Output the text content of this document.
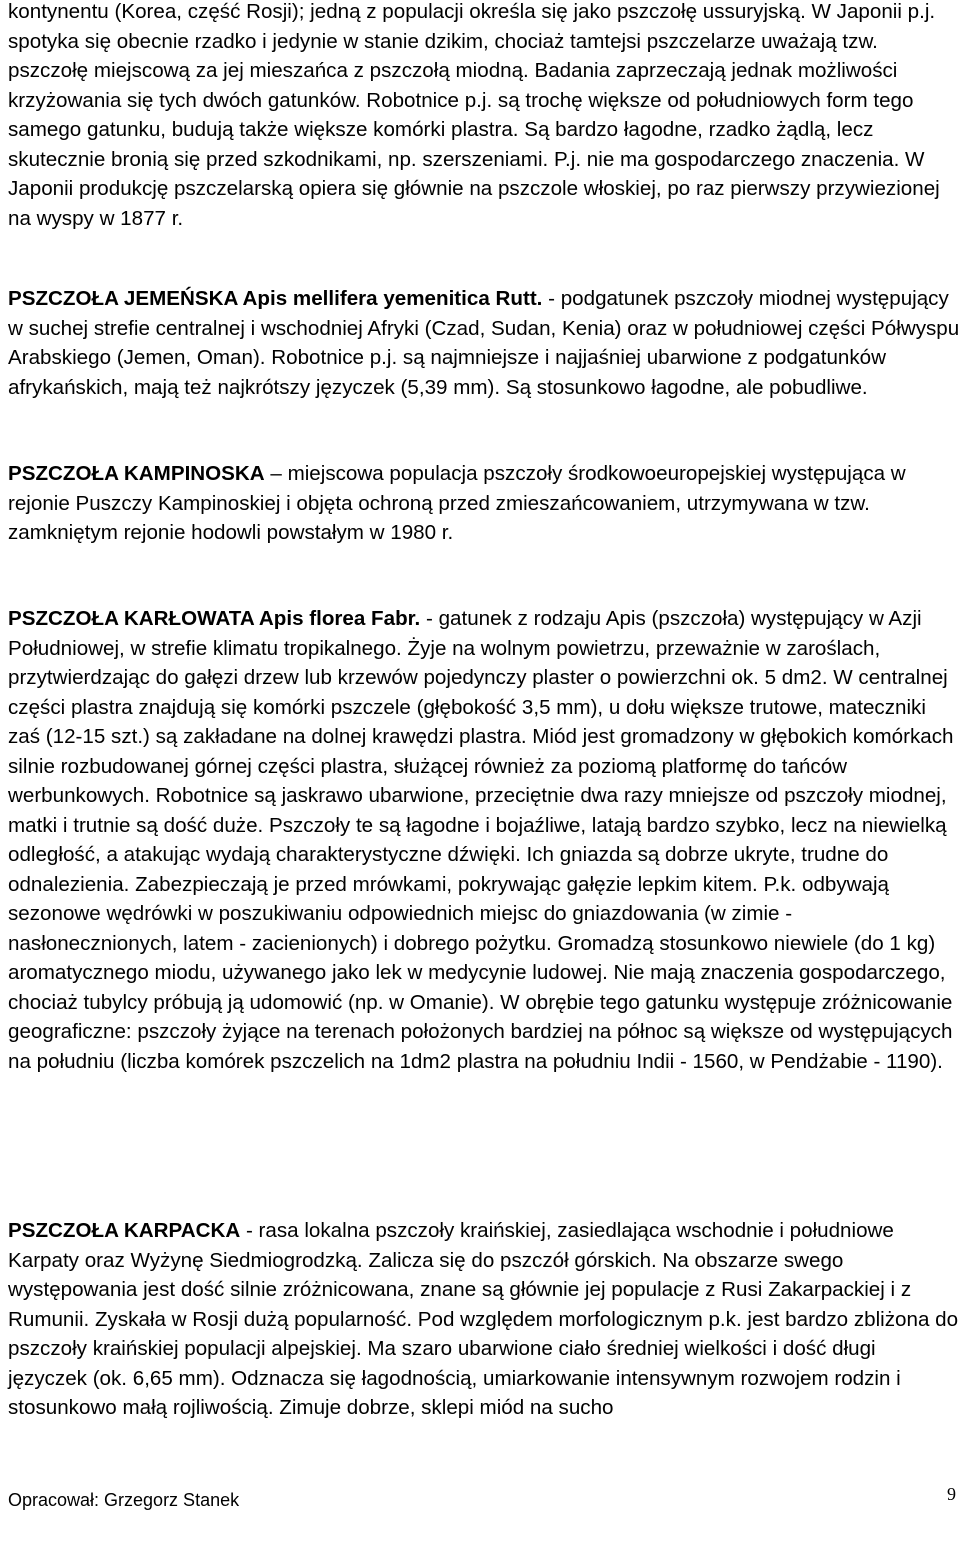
kontynentu (Korea, część Rosji); jedną z populacji określa się jako pszczołę ussuryjską. W Japonii p.j. spotyka się obecnie rzadko i jedynie w stanie dzikim, chociaż tamtejsi pszczelarze uważają tzw. pszczołę miejscową za jej mieszańca z pszczołą miodną. Badania zaprzeczają jednak możliwości krzyżowania się tych dwóch gatunków. Robotnice p.j. są trochę większe od południowych form tego samego gatunku, budują także większe komórki plastra. Są bardzo łagodne, rzadko żądlą, lecz skutecznie bronią się przed szkodnikami, np. szerszeniami. P.j. nie ma gospodarczego znaczenia. W Japonii produkcję pszczelarską opiera się głównie na pszczole włoskiej, po raz pierwszy przywiezionej na wyspy w 1877 r.

PSZCZOŁA JEMEŃSKA Apis mellifera yemenitica Rutt. - podgatunek pszczoły miodnej występujący w suchej strefie centralnej i wschodniej Afryki (Czad, Sudan, Kenia) oraz w południowej części Półwyspu Arabskiego (Jemen, Oman). Robotnice p.j. są najmniejsze i najjaśniej ubarwione z podgatunków afrykańskich, mają też najkrótszy języczek (5,39 mm). Są stosunkowo łagodne, ale pobudliwe.

PSZCZOŁA KAMPINOSKA – miejscowa populacja pszczoły środkowoeuropejskiej występująca w rejonie Puszczy Kampinoskiej i objęta ochroną przed zmieszańcowaniem, utrzymywana w tzw. zamkniętym rejonie hodowli powstałym w 1980 r.

PSZCZOŁA KARŁOWATA Apis florea Fabr. - gatunek z rodzaju Apis (pszczoła) występujący w Azji Południowej, w strefie klimatu tropikalnego. Żyje na wolnym powietrzu, przeważnie w zaroślach, przytwierdzając do gałęzi drzew lub krzewów pojedynczy plaster o powierzchni ok. 5 dm2. W centralnej części plastra znajdują się komórki pszczele (głębokość 3,5 mm), u dołu większe trutowe, mateczniki zaś (12-15 szt.) są zakładane na dolnej krawędzi plastra. Miód jest gromadzony w głębokich komórkach silnie rozbudowanej górnej części plastra, służącej również za poziomą platformę do tańców werbunkowych. Robotnice są jaskrawo ubarwione, przeciętnie dwa razy mniejsze od pszczoły miodnej, matki i trutnie są dość duże. Pszczoły te są łagodne i bojaźliwe, latają bardzo szybko, lecz na niewielką odległość, a atakując wydają charakterystyczne dźwięki. Ich gniazda są dobrze ukryte, trudne do odnalezienia. Zabezpieczają je przed mrówkami, pokrywając gałęzie lepkim kitem. P.k. odbywają sezonowe wędrówki w poszukiwaniu odpowiednich miejsc do gniazdowania (w zimie - nasłonecznionych, latem - zacienionych) i dobrego pożytku. Gromadzą stosunkowo niewiele (do 1 kg) aromatycznego miodu, używanego jako lek w medycynie ludowej. Nie mają znaczenia gospodarczego, chociaż tubylcy próbują ją udomowić (np. w Omanie). W obrębie tego gatunku występuje zróżnicowanie geograficzne: pszczoły żyjące na terenach położonych bardziej na północ są większe od występujących na południu (liczba komórek pszczelich na 1dm2 plastra na południu Indii - 1560, w Pendżabie - 1190).

PSZCZOŁA KARPACKA - rasa lokalna pszczoły kraińskiej, zasiedlająca wschodnie i południowe Karpaty oraz Wyżynę Siedmiogrodzką. Zalicza się do pszczół górskich. Na obszarze swego występowania jest dość silnie zróżnicowana, znane są głównie jej populacje z Rusi Zakarpackiej i z Rumunii. Zyskała w Rosji dużą popularność. Pod względem morfologicznym p.k. jest bardzo zbliżona do pszczoły kraińskiej populacji alpejskiej. Ma szaro ubarwione ciało średniej wielkości i dość długi języczek (ok. 6,65 mm). Odznacza się łagodnością, umiarkowanie intensywnym rozwojem rodzin i stosunkowo małą rojliwością. Zimuje dobrze, sklepi miód na sucho

Opracował: Grzegorz Stanek	9
